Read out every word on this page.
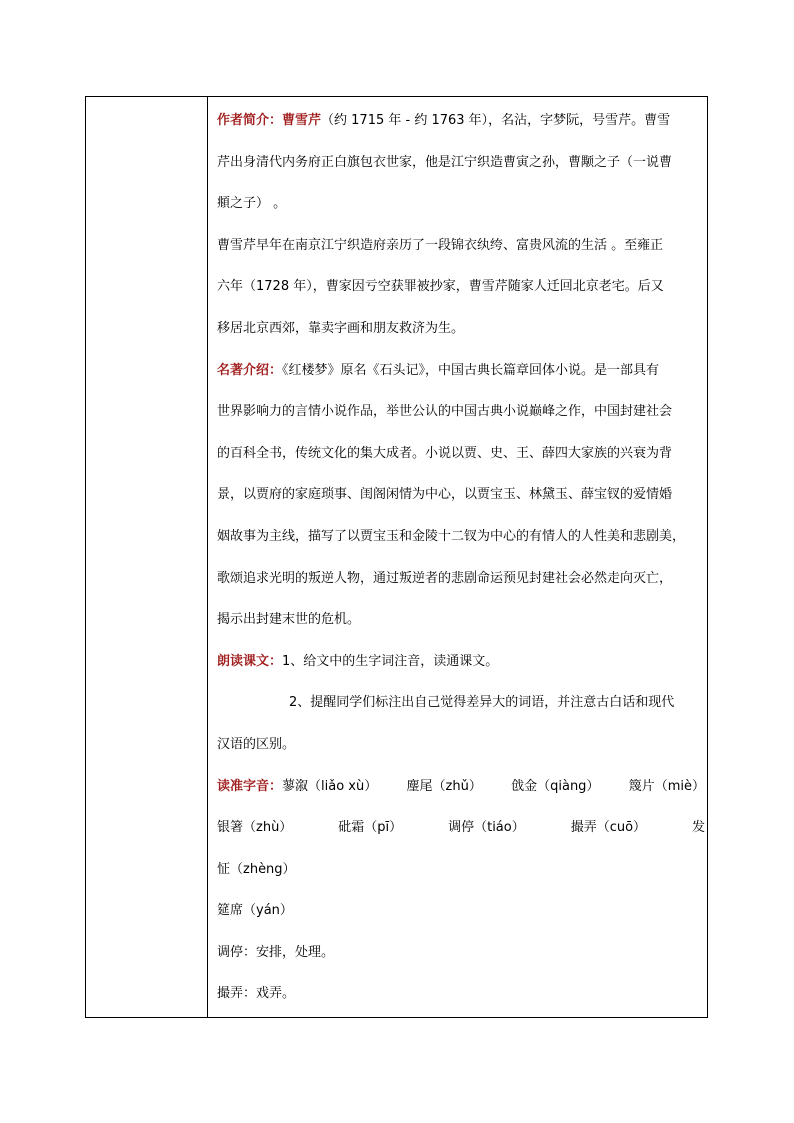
作者简介：曹雪芹（约 1715 年 - 约 1763 年），名沾，字梦阮，号雪芹。曹雪
芹出身清代内务府正白旗包衣世家，他是江宁织造曹寅之孙，曹颙之子（一说曹
頫之子） 。
曹雪芹早年在南京江宁织造府亲历了一段锦衣纨绔、富贵风流的生活 。至雍正
六年（1728 年），曹家因亏空获罪被抄家，曹雪芹随家人迁回北京老宅。后又
移居北京西郊，靠卖字画和朋友救济为生。
名著介绍：《红楼梦》原名《石头记》，中国古典长篇章回体小说。是一部具有
世界影响力的言情小说作品，举世公认的中国古典小说巅峰之作，中国封建社会
的百科全书，传统文化的集大成者。小说以贾、史、王、薛四大家族的兴衰为背
景，以贾府的家庭琐事、闺阁闲情为中心，以贾宝玉、林黛玉、薛宝钗的爱情婚
姻故事为主线，描写了以贾宝玉和金陵十二钗为中心的有情人的人性美和悲剧美，
歌颂追求光明的叛逆人物，通过叛逆者的悲剧命运预见封建社会必然走向灭亡，
揭示出封建末世的危机。
朗读课文：1、给文中的生字词注音，读通课文。
2、提醒同学们标注出自己觉得差异大的词语，并注意古白话和现代
汉语的区别。
读准字音：蓼溆（liǎo xù） 麈尾（zhǔ） 戗金（qiàng） 篾片（miè）
银箸（zhù）	砒霜（pī）	调停（tiáo）	撮弄（cuō）	发
怔（zhèng）
筵席（yán）
调停：安排，处理。
撮弄：戏弄。
